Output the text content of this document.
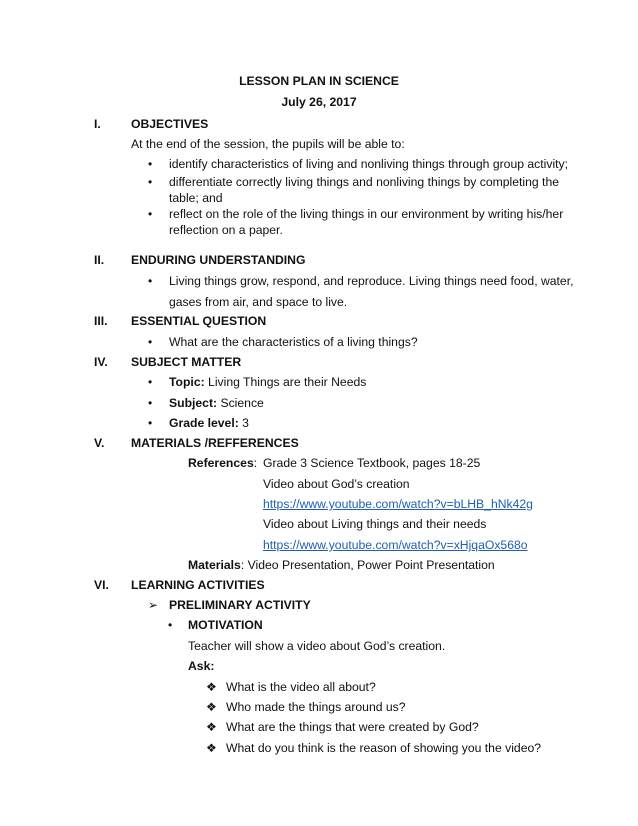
LESSON PLAN IN SCIENCE
July 26, 2017
I. OBJECTIVES
At the end of the session, the pupils will be able to:
• identify characteristics of living and nonliving things through group activity;
• differentiate correctly living things and nonliving things by completing the
table; and
• reflect on the role of the living things in our environment by writing his/her
reflection on a paper.
II. ENDURING UNDERSTANDING
• Living things grow, respond, and reproduce. Living things need food, water,
gases from air, and space to live.
III. ESSENTIAL QUESTION
• What are the characteristics of a living things?
IV. SUBJECT MATTER
• Topic: Living Things are their Needs
• Subject: Science
• Grade level: 3
V. MATERIALS /REFFERENCES
References: Grade 3 Science Textbook, pages 18-25
Video about God’s creation
https://www.youtube.com/watch?v=bLHB_hNk42g
Video about Living things and their needs
https://www.youtube.com/watch?v=xHjqaOx568o
Materials: Video Presentation, Power Point Presentation
VI. LEARNING ACTIVITIES
➢ PRELIMINARY ACTIVITY
• MOTIVATION
Teacher will show a video about God’s creation.
Ask:
❖ What is the video all about?
❖ Who made the things around us?
❖ What are the things that were created by God?
❖ What do you think is the reason of showing you the video?
